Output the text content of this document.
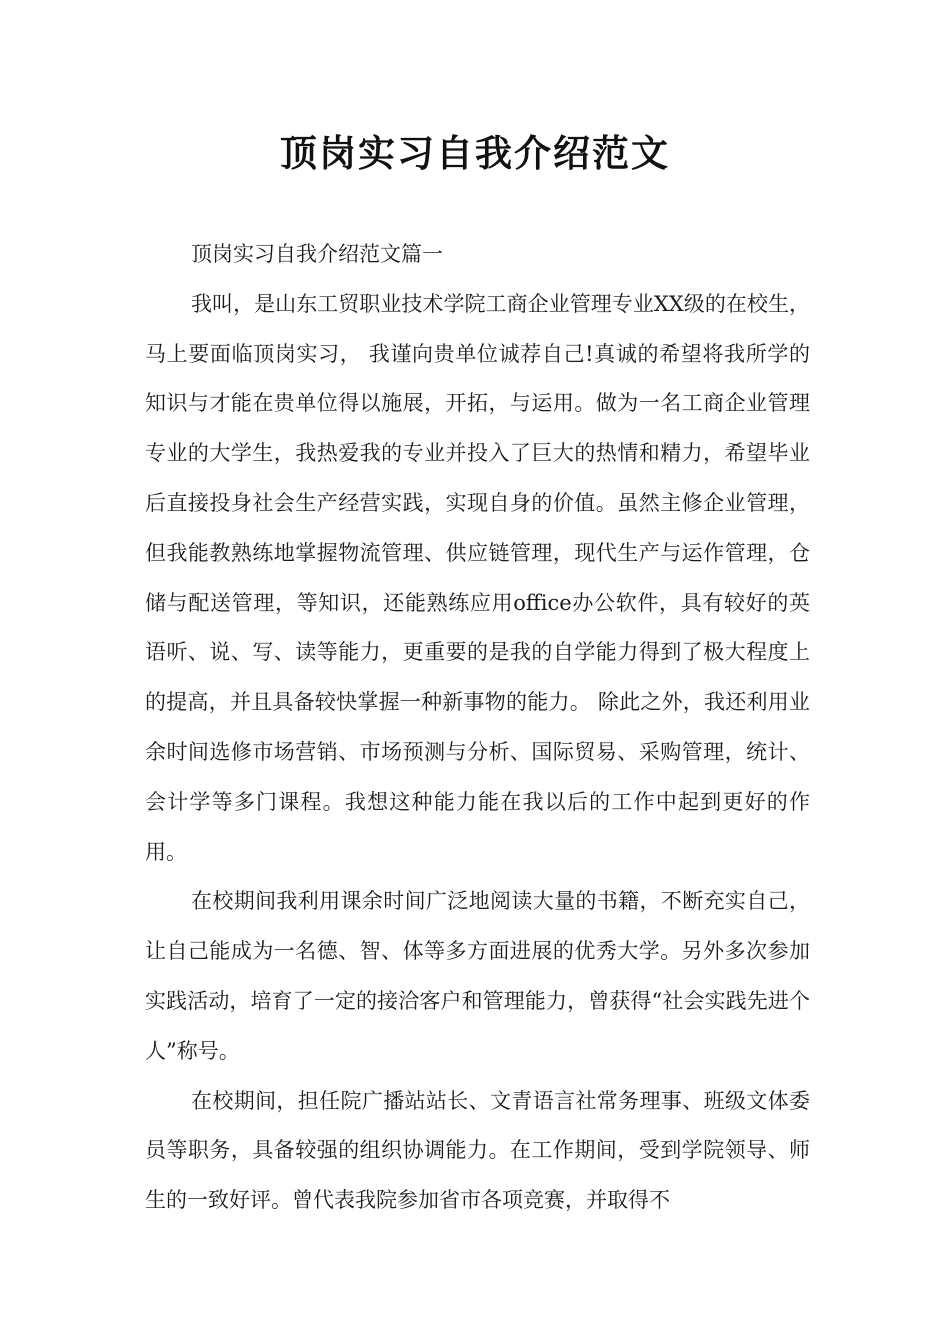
顶岗实习自我介绍范文

顶岗实习自我介绍范文篇一

我叫，是山东工贸职业技术学院工商企业管理专业XX级的在校生，马上要面临顶岗实习， 我谨向贵单位诚荐自己!真诚的希望将我所学的知识与才能在贵单位得以施展，开拓，与运用。做为一名工商企业管理专业的大学生，我热爱我的专业并投入了巨大的热情和精力，希望毕业后直接投身社会生产经营实践，实现自身的价值。虽然主修企业管理，但我能教熟练地掌握物流管理、供应链管理，现代生产与运作管理，仓储与配送管理，等知识，还能熟练应用office办公软件，具有较好的英语听、说、写、读等能力，更重要的是我的自学能力得到了极大程度上的提高，并且具备较快掌握一种新事物的能力。 除此之外，我还利用业余时间选修市场营销、市场预测与分析、国际贸易、采购管理，统计、会计学等多门课程。我想这种能力能在我以后的工作中起到更好的作用。

在校期间我利用课余时间广泛地阅读大量的书籍，不断充实自己，让自己能成为一名德、智、体等多方面进展的优秀大学。另外多次参加实践活动，培育了一定的接洽客户和管理能力，曾获得“社会实践先进个人”称号。

在校期间，担任院广播站站长、文青语言社常务理事、班级文体委员等职务，具备较强的组织协调能力。在工作期间，受到学院领导、师生的一致好评。曾代表我院参加省市各项竞赛，并取得不
